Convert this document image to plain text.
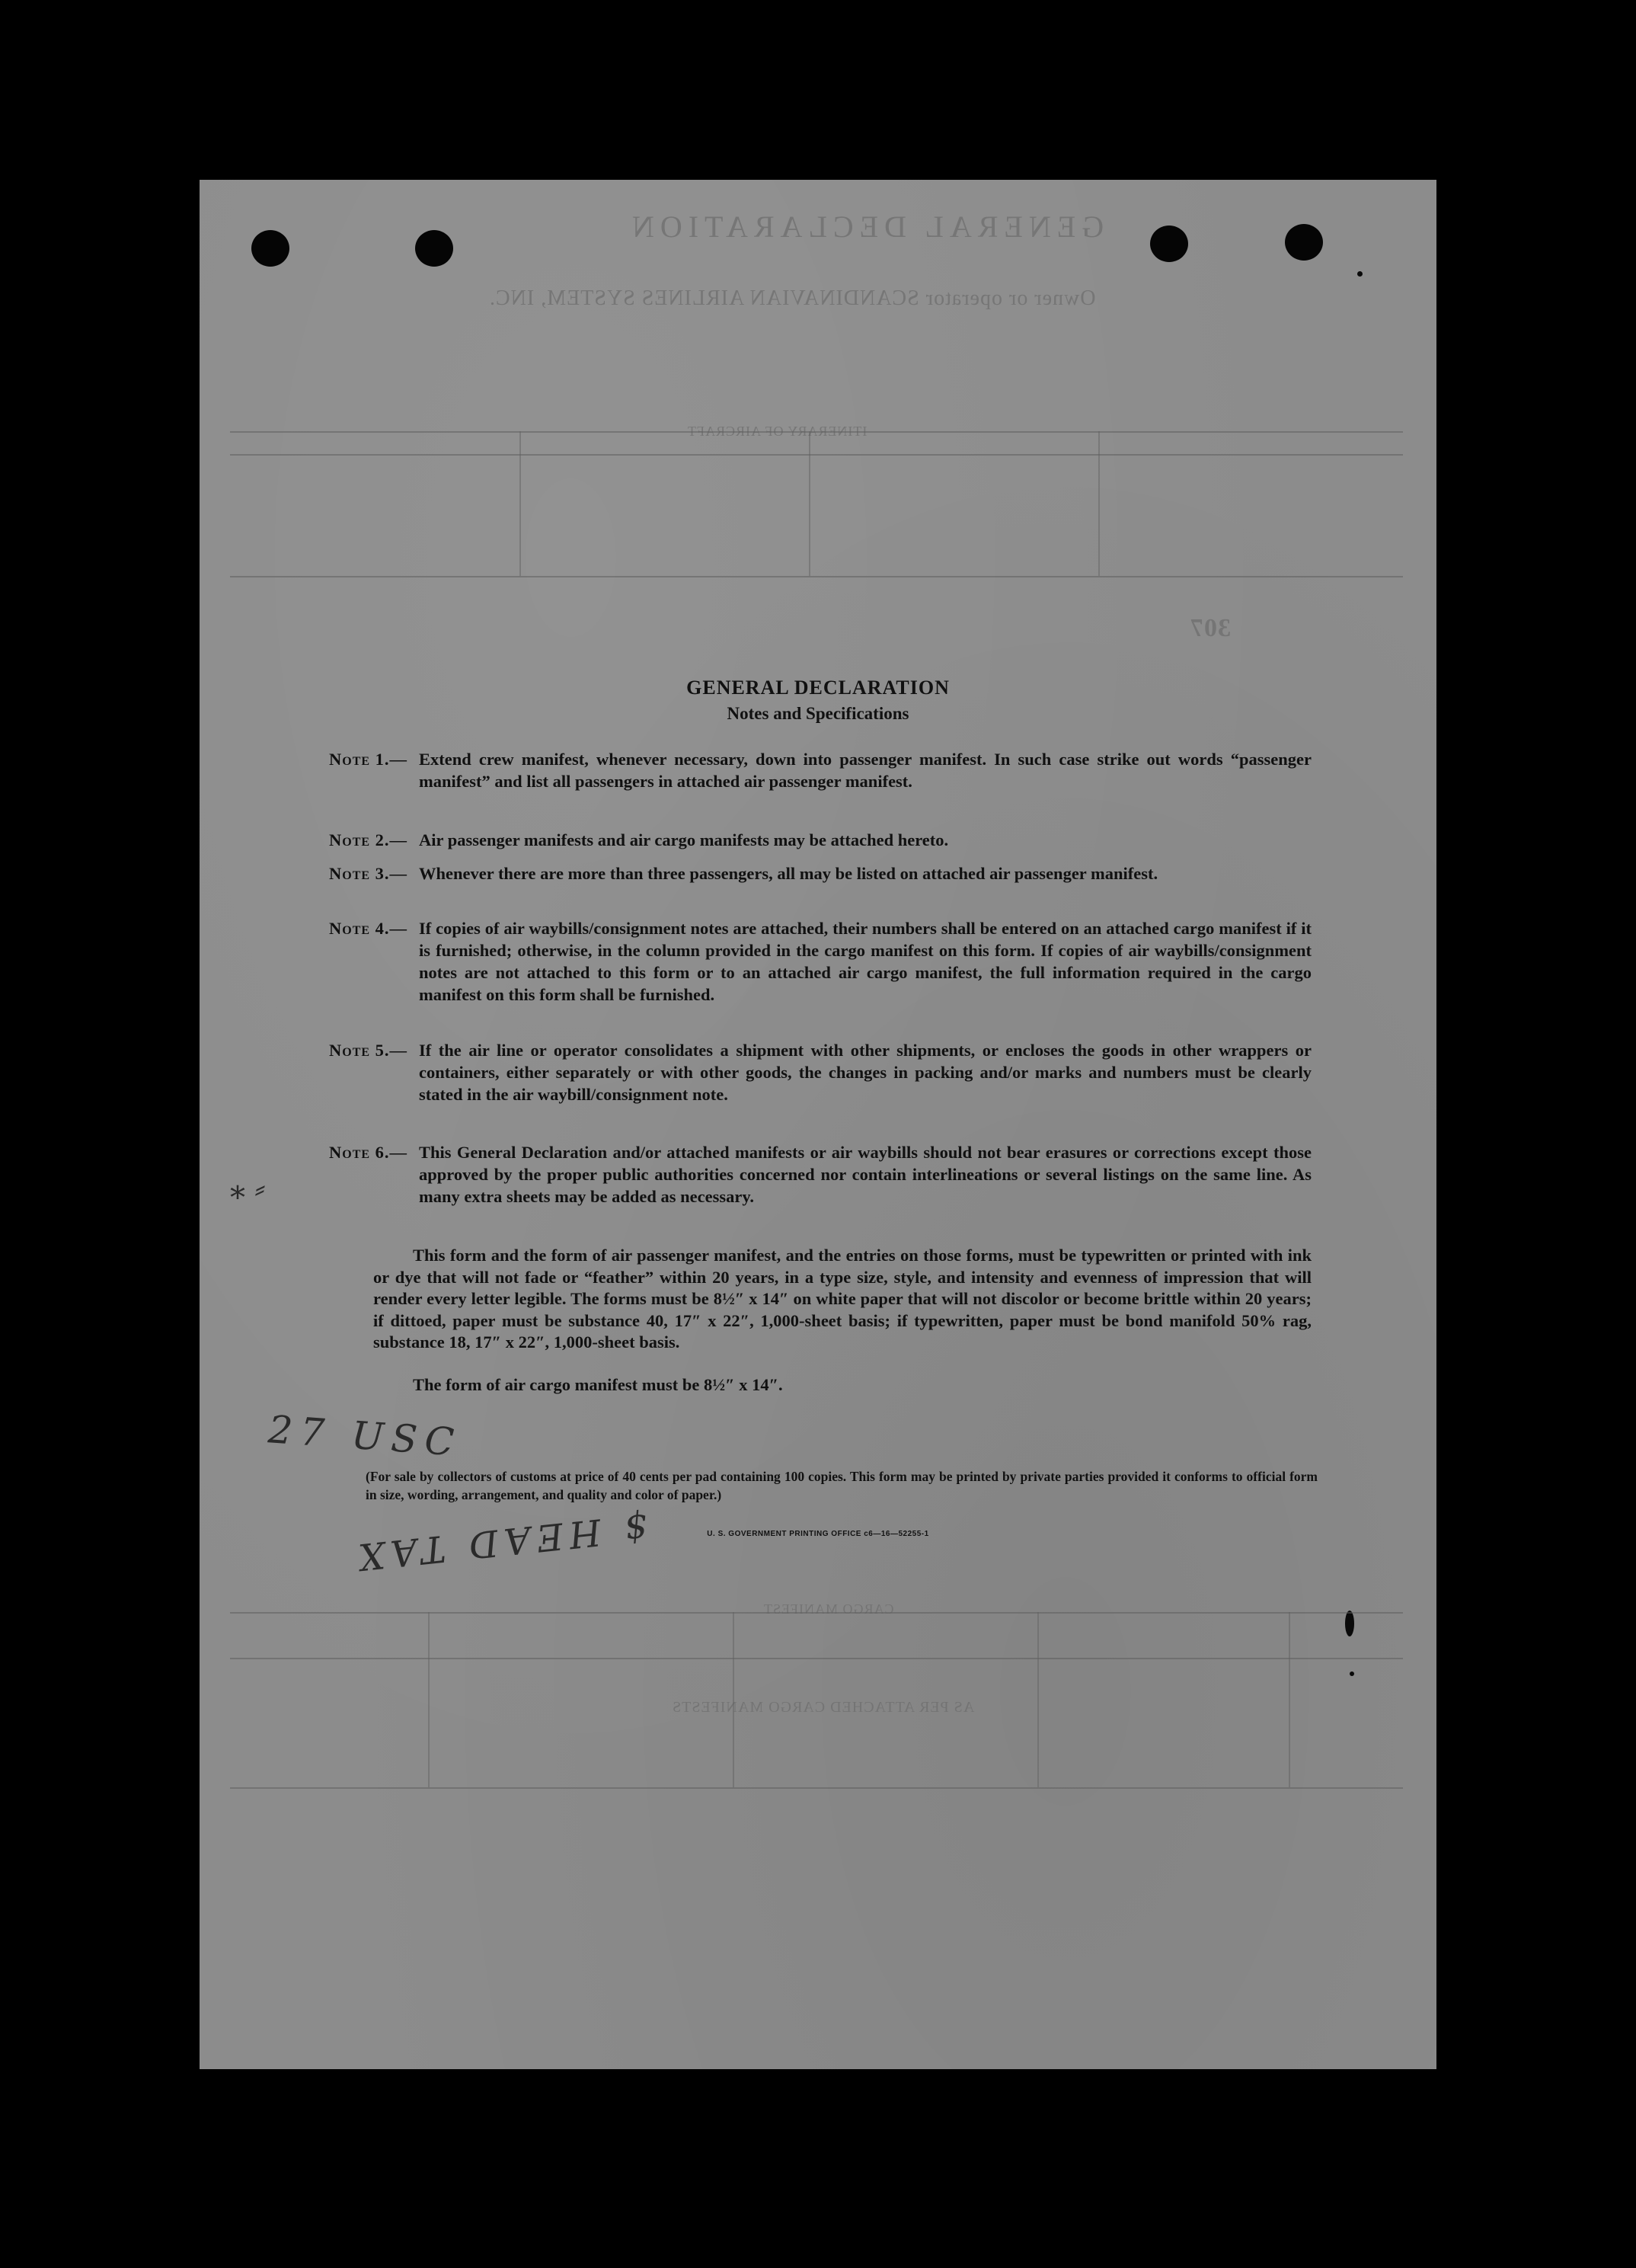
GENERAL DECLARATION
Owner or operator SCANDINAVIAN AIRLINES SYSTEM, INC.
ITINERARY OF AIRCRAFT
307
CARGO MANIFEST
AS PER ATTACHED CARGO MANIFESTS
GENERAL DECLARATION
Notes and Specifications
Note 1.— Extend crew manifest, whenever necessary, down into passenger manifest. In such case strike out words “passenger manifest” and list all passengers in attached air passenger manifest.
Note 2.— Air passenger manifests and air cargo manifests may be attached hereto.
Note 3.— Whenever there are more than three passengers, all may be listed on attached air passenger manifest.
Note 4.— If copies of air waybills/consignment notes are attached, their numbers shall be entered on an attached cargo manifest if it is furnished; otherwise, in the column provided in the cargo manifest on this form. If copies of air waybills/consignment notes are not attached to this form or to an attached air cargo manifest, the full information required in the cargo manifest on this form shall be furnished.
Note 5.— If the air line or operator consolidates a shipment with other shipments, or encloses the goods in other wrappers or containers, either separately or with other goods, the changes in packing and/or marks and numbers must be clearly stated in the air waybill/consignment note.
Note 6.— This General Declaration and/or attached manifests or air waybills should not bear erasures or corrections except those approved by the proper public authorities concerned nor contain interlineations or several listings on the same line. As many extra sheets may be added as necessary.
This form and the form of air passenger manifest, and the entries on those forms, must be typewritten or printed with ink or dye that will not fade or “feather” within 20 years, in a type size, style, and intensity and evenness of impression that will render every letter legible. The forms must be 8½″ x 14″ on white paper that will not discolor or become brittle within 20 years; if dittoed, paper must be substance 40, 17″ x 22″, 1,000-sheet basis; if typewritten, paper must be bond manifold 50% rag, substance 18, 17″ x 22″, 1,000-sheet basis.
The form of air cargo manifest must be 8½″ x 14″.
(For sale by collectors of customs at price of 40 cents per pad containing 100 copies. This form may be printed by private parties provided it conforms to official form in size, wording, arrangement, and quality and color of paper.)
U. S. GOVERNMENT PRINTING OFFICE c6—16—52255-1
27 USC
$ HEAD TAX
⁎ ⸗
